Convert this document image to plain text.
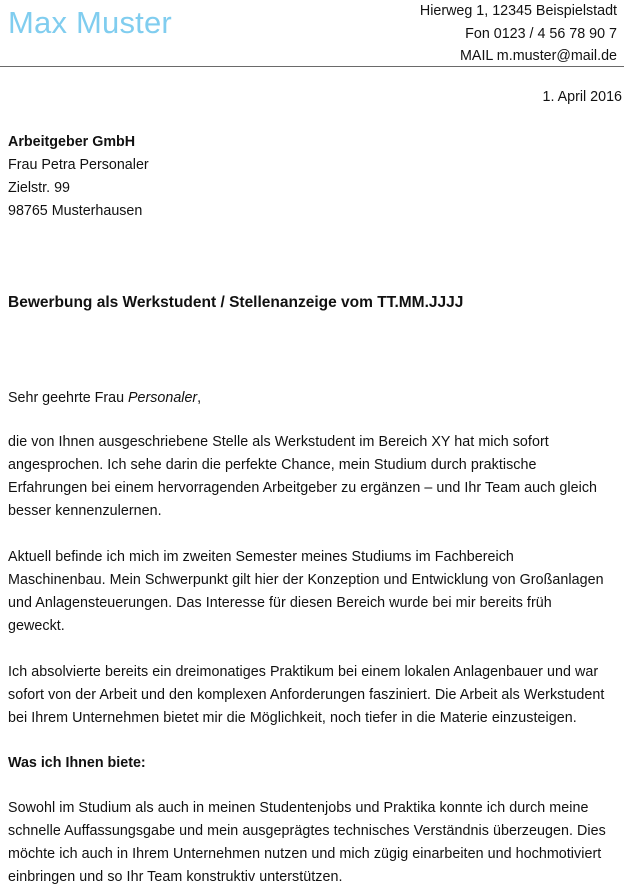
Max Muster	Hierweg 1, 12345 Beispielstadt
Fon 0123 / 4 56 78 90 7
MAIL m.muster@mail.de
1. April 2016
Arbeitgeber GmbH
Frau Petra Personaler
Zielstr. 99
98765 Musterhausen
Bewerbung als Werkstudent / Stellenanzeige vom TT.MM.JJJJ
Sehr geehrte Frau Personaler,
die von Ihnen ausgeschriebene Stelle als Werkstudent im Bereich XY hat mich sofort
angesprochen. Ich sehe darin die perfekte Chance, mein Studium durch praktische
Erfahrungen bei einem hervorragenden Arbeitgeber zu ergänzen – und Ihr Team auch gleich
besser kennenzulernen.
Aktuell befinde ich mich im zweiten Semester meines Studiums im Fachbereich
Maschinenbau. Mein Schwerpunkt gilt hier der Konzeption und Entwicklung von Großanlagen
und Anlagensteuerungen. Das Interesse für diesen Bereich wurde bei mir bereits früh
geweckt.
Ich absolvierte bereits ein dreimonatiges Praktikum bei einem lokalen Anlagenbauer und war
sofort von der Arbeit und den komplexen Anforderungen fasziniert. Die Arbeit als Werkstudent
bei Ihrem Unternehmen bietet mir die Möglichkeit, noch tiefer in die Materie einzusteigen.
Was ich Ihnen biete:
Sowohl im Studium als auch in meinen Studentenjobs und Praktika konnte ich durch meine
schnelle Auffassungsgabe und mein ausgeprägtes technisches Verständnis überzeugen. Dies
möchte ich auch in Ihrem Unternehmen nutzen und mich zügig einarbeiten und hochmotiviert
einbringen und so Ihr Team konstruktiv unterstützen.
